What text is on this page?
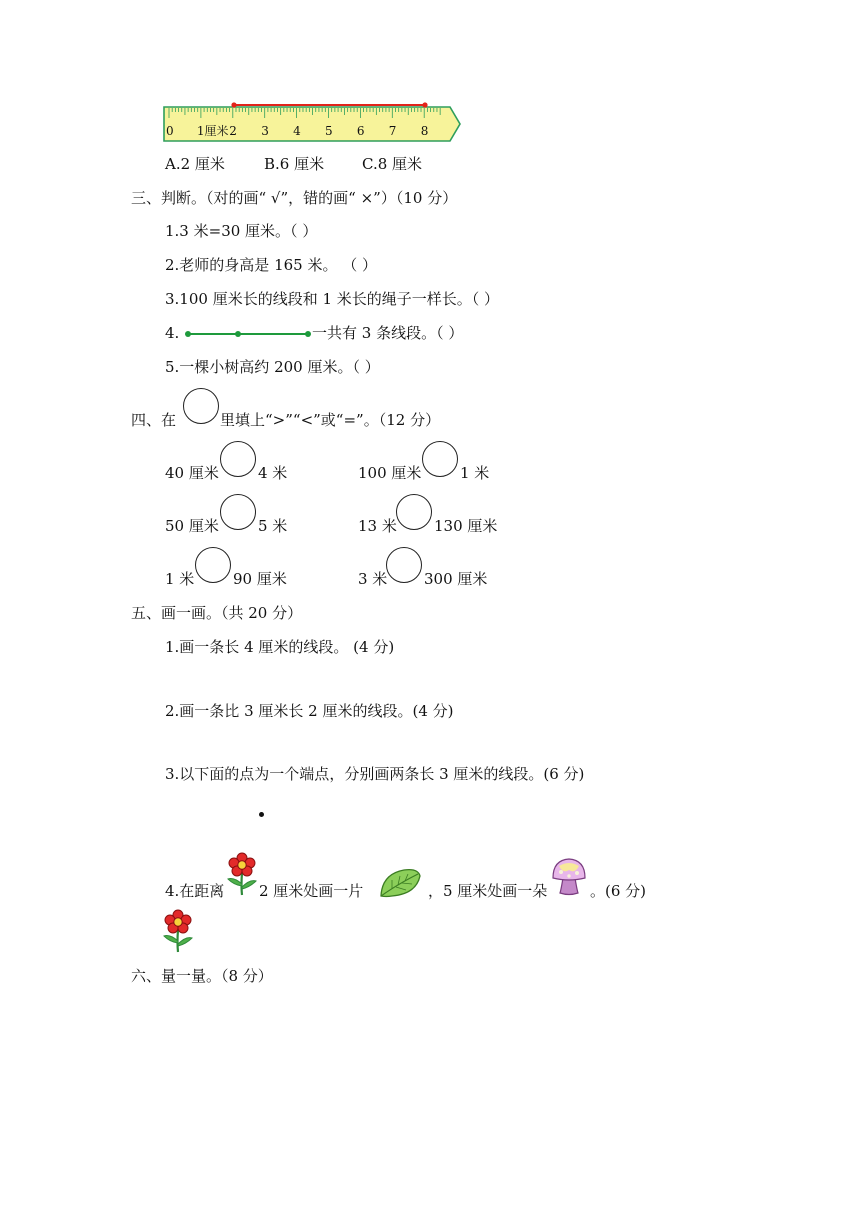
0 1厘米 2 3 4 5 6 7 8
A.2 厘米	B.6 厘米	C.8 厘米
三、判断。（对的画“ √”，错的画“ ×”）（10 分）
1.3 米=30 厘米。（ ）
2.老师的身高是 165 米。 （ ）
3.100 厘米长的线段和 1 米长的绳子一样长。（ ）
4.	一共有 3 条线段。（ ）
5.一棵小树高约 200 厘米。（ ）
四、在	里填上“>”“<”或“=”。（12 分）
40 厘米	4 米	100 厘米	1 米
50 厘米	5 米	13 米 130 厘米
1 米	90 厘米	3 米 300 厘米
五、画一画。（共 20 分）
1.画一条长 4 厘米的线段。 (4 分)
2.画一条比 3 厘米长 2 厘米的线段。(4 分)
3.以下面的点为一个端点，分别画两条长 3 厘米的线段。(6 分)
4.在距离 2 厘米处画一片	，5 厘米处画一朵	。(6 分)
六、量一量。（8 分）
